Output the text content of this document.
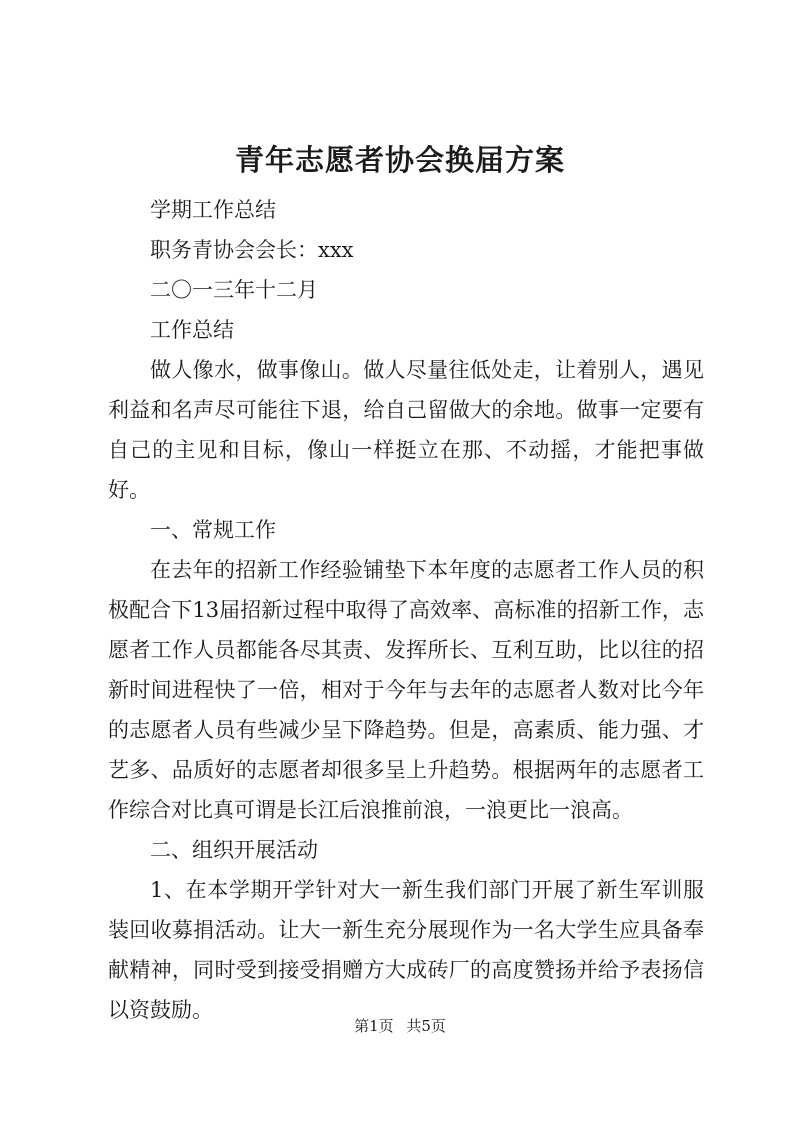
青年志愿者协会换届方案

学期工作总结

职务青协会会长：xxx

二〇一三年十二月

工作总结

做人像水，做事像山。做人尽量往低处走，让着别人，遇见利益和名声尽可能往下退，给自己留做大的余地。做事一定要有自己的主见和目标，像山一样挺立在那、不动摇，才能把事做好。

一、常规工作

在去年的招新工作经验铺垫下本年度的志愿者工作人员的积极配合下13届招新过程中取得了高效率、高标准的招新工作，志愿者工作人员都能各尽其责、发挥所长、互利互助，比以往的招新时间进程快了一倍，相对于今年与去年的志愿者人数对比今年的志愿者人员有些减少呈下降趋势。但是，高素质、能力强、才艺多、品质好的志愿者却很多呈上升趋势。根据两年的志愿者工作综合对比真可谓是长江后浪推前浪，一浪更比一浪高。

二、组织开展活动

1、在本学期开学针对大一新生我们部门开展了新生军训服装回收募捐活动。让大一新生充分展现作为一名大学生应具备奉献精神，同时受到接受捐赠方大成砖厂的高度赞扬并给予表扬信以资鼓励。

第1页 共5页
